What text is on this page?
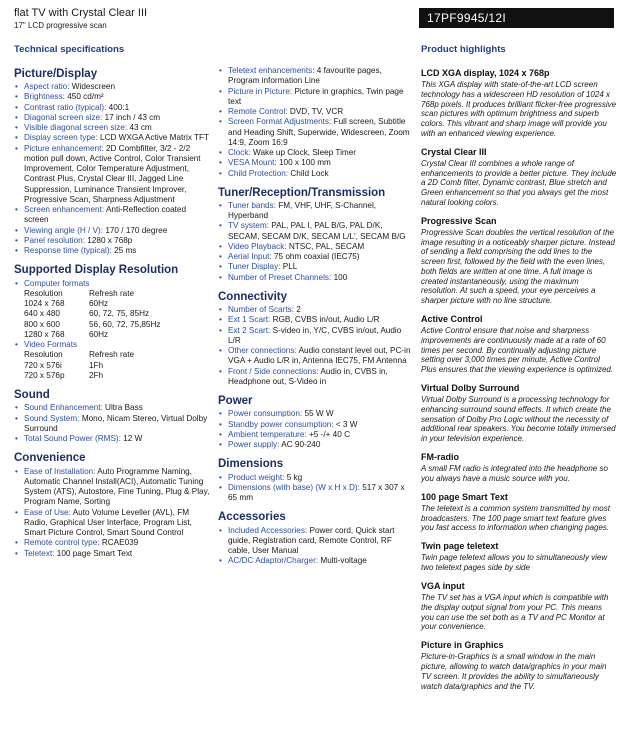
flat TV with Crystal Clear III
17" LCD progressive scan
17PF9945/12I
Technical specifications
Picture/Display
• Aspect ratio: Widescreen
• Brightness: 450 cd/m²
• Contrast ratio (typical): 400:1
• Diagonal screen size: 17 inch / 43 cm
• Visible diagonal screen size: 43 cm
• Display screen type: LCD WXGA Active Matrix TFT
• Picture enhancement: 2D Combfilter, 3/2 - 2/2 motion pull down, Active Control, Color Transient Improvement, Color Temperature Adjustment, Contrast Plus, Crystal Clear III, Jagged Line Suppression, Luminance Transient Improver, Progressive Scan, Sharpness Adjustment
• Screen enhancement: Anti-Reflection coated screen
• Viewing angle (H / V): 170 / 170 degree
• Panel resolution: 1280 x 768p
• Response time (typical): 25 ms
Supported Display Resolution
• Computer formats
Resolution	Refresh rate
1024 x 768	60Hz
640 x 480	60, 72, 75, 85Hz
800 x 600	56, 60, 72, 75,85Hz
1280 x 768	60Hz
• Video Formats
Resolution	Refresh rate
720 x 576i	1Fh
720 x 576p	2Fh
Sound
• Sound Enhancement: Ultra Bass
• Sound System: Mono, Nicam Stereo, Virtual Dolby Surround
• Total Sound Power (RMS): 12 W
Convenience
• Ease of Installation: Auto Programme Naming, Automatic Channel Install(ACI), Automatic Tuning System (ATS), Autostore, Fine Tuning, Plug & Play, Program Name, Sorting
• Ease of Use: Auto Volume Leveller (AVL), FM Radio, Graphical User Interface, Program List, Smart Picture Control, Smart Sound Control
• Remote control type: RCAE039
• Teletext: 100 page Smart Text
• Teletext enhancements: 4 favourite pages, Program information Line
• Picture in Picture: Picture in graphics, Twin page text
• Remote Control: DVD, TV, VCR
• Screen Format Adjustments: Full screen, Subtitle and Heading Shift, Superwide, Widescreen, Zoom 14:9, Zoom 16:9
• Clock: Wake up Clock, Sleep Timer
• VESA Mount: 100 x 100 mm
• Child Protection: Child Lock
Tuner/Reception/Transmission
• Tuner bands: FM, VHF, UHF, S-Channel, Hyperband
• TV system: PAL, PAL I, PAL B/G, PAL D/K, SECAM, SECAM D/K, SECAM L/L', SECAM B/G
• Video Playback: NTSC, PAL, SECAM
• Aerial Input: 75 ohm coaxial (IEC75)
• Tuner Display: PLL
• Number of Preset Channels: 100
Connectivity
• Number of Scarts: 2
• Ext 1 Scart: RGB, CVBS in/out, Audio L/R
• Ext 2 Scart: S-video in, Y/C, CVBS in/out, Audio L/R
• Other connections: Audio constant level out, PC-in VGA + Audio L/R in, Antenna IEC75, FM Antenna
• Front / Side connections: Audio in, CVBS in, Headphone out, S-Video in
Power
• Power consumption: 55 W W
• Standby power consumption: < 3 W
• Ambient temperature: +5 -/+ 40 C
• Power supply: AC 90-240
Dimensions
• Product weight: 5 kg
• Dimensions (with base) (W x H x D): 517 x 307 x 65 mm
Accessories
• Included Accessories: Power cord, Quick start guide, Registration card, Remote Control, RF cable, User Manual
• AC/DC Adaptor/Charger: Multi-voltage
Product highlights
LCD XGA display, 1024 x 768p
This XGA display with state-of-the-art LCD screen technology has a widescreen HD resolution of 1024 x 768p pixels. It produces brilliant flicker-free progressive scan pictures with optimum brightness and superb colors. This vibrant and sharp image will provide you with an enhanced viewing experience.
Crystal Clear III
Crystal Clear III combines a whole range of enhancements to provide a better picture. They include a 2D Comb filter, Dynamic contrast, Blue stretch and Green enhancement so that you always get the most natural looking colors.
Progressive Scan
Progressive Scan doubles the vertical resolution of the image resulting in a noticeably sharper picture. Instead of sending a field comprising the odd lines to the screen first, followed by the field with the even lines, both fields are written at one time. A full image is created instantaneously, using the maximum resolution. At such a speed, your eye perceives a sharper picture with no line structure.
Active Control
Active Control ensure that noise and sharpness improvements are continuously made at a rate of 60 times per second. By continually adjusting picture setting over 3,000 times per minute, Active Control Plus ensures that the viewing experience is optimized.
Virtual Dolby Surround
Virtual Dolby Surround is a processing technology for enhancing surround sound effects. It which create the sensation of Dolby Pro Logic without the necessity of additional rear speakers. You become totally immersed in your television experience.
FM-radio
A small FM radio is integrated into the headphone so you always have a music source with you.
100 page Smart Text
The teletext is a common system transmitted by most broadcasters. The 100 page smart text feature gives you fast access to information when changing pages.
Twin page teletext
Twin page teletext allows you to simultaneously view two teletext pages side by side
VGA input
The TV set has a VGA input which is compatible with the display output signal from your PC. This means you can use the set both as a TV and PC Monitor at your convenience.
Picture in Graphics
Picture-in-Graphics is a small window in the main picture, allowing to watch data/graphics in your main TV screen. It provides the ability to simultaneously watch data/graphics and the TV.
